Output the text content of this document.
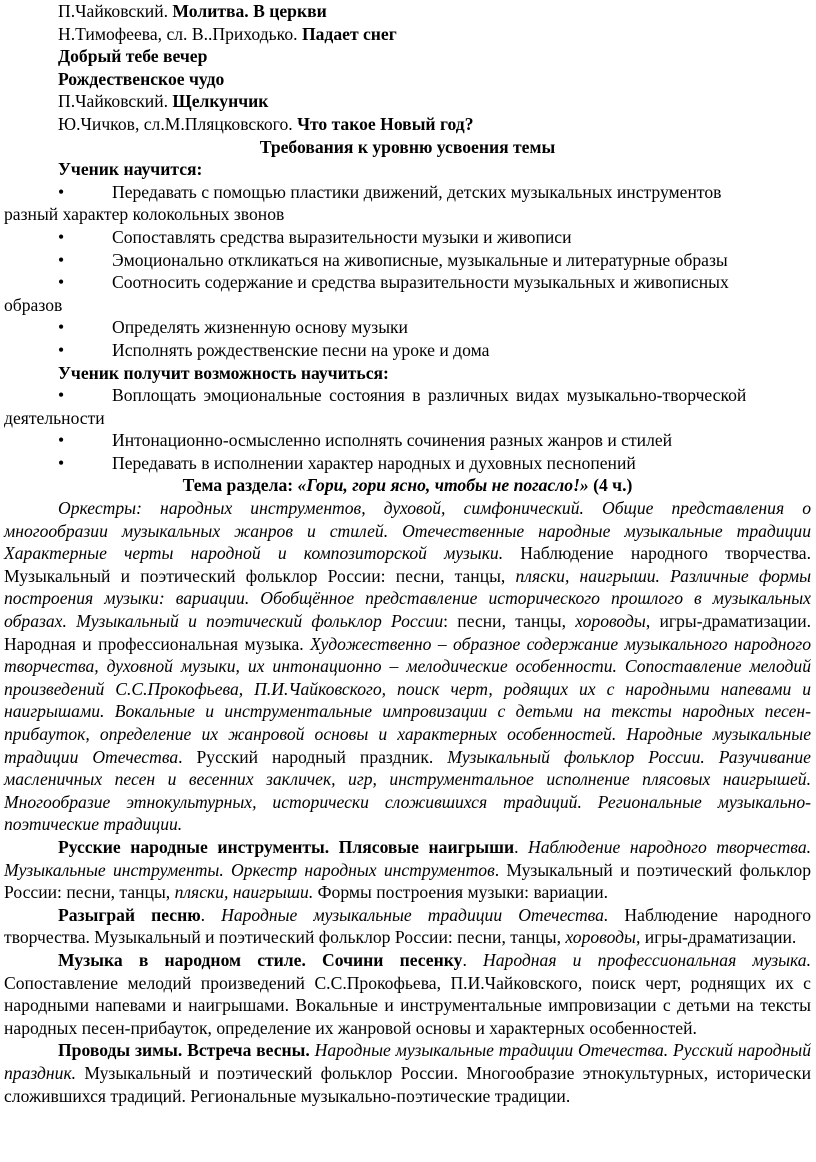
П.Чайковский. Молитва. В церкви

Н.Тимофеева, сл. В..Приходько. Падает снег

Добрый тебе вечер

Рождественское чудо

П.Чайковский. Щелкунчик

Ю.Чичков, сл.М.Пляцковского. Что такое Новый год?

Требования к уровню усвоения темы

Ученик научится:

•	Передавать с помощью пластики движений, детских музыкальных инструментов
разный характер колокольных звонов
•	Сопоставлять средства выразительности музыки и живописи
•	Эмоционально откликаться на живописные, музыкальные и литературные образы
•	Соотносить содержание и средства выразительности музыкальных и живописных
образов
•	Определять жизненную основу музыки
•	Исполнять рождественские песни на уроке и дома

Ученик получит возможность научиться:

•	Воплощать эмоциональные состояния в различных видах музыкально-творческой
деятельности
•	Интонационно-осмысленно исполнять сочинения разных жанров и стилей
•	Передавать в исполнении характер народных и духовных песнопений

Тема раздела: «Гори, гори ясно, чтобы не погасло!» (4 ч.)

Оркестры: народных инструментов, духовой, симфонический. Общие представления о многообразии музыкальных жанров и стилей. Отечественные народные музыкальные традиции Характерные черты народной и композиторской музыки. Наблюдение народного творчества. Музыкальный и поэтический фольклор России: песни, танцы, пляски, наигрыши. Различные формы построения музыки: вариации. Обобщённое представление исторического прошлого в музыкальных образах. Музыкальный и поэтический фольклор России: песни, танцы, хороводы, игры-драматизации. Народная и профессиональная музыка. Художественно – образное содержание музыкального народного творчества, духовной музыки, их интонационно – мелодические особенности. Сопоставление мелодий произведений С.С.Прокофьева, П.И.Чайковского, поиск черт, родящих их с народными напевами и наигрышами. Вокальные и инструментальные импровизации с детьми на тексты народных песен-прибауток, определение их жанровой основы и характерных особенностей. Народные музыкальные традиции Отечества. Русский народный праздник. Музыкальный фольклор России. Разучивание масленичных песен и весенних закличек, игр, инструментальное исполнение плясовых наигрышей. Многообразие этнокультурных, исторически сложившихся традиций. Региональные музыкально-поэтические традиции.

Русские народные инструменты. Плясовые наигрыши. Наблюдение народного творчества. Музыкальные инструменты. Оркестр народных инструментов. Музыкальный и поэтический фольклор России: песни, танцы, пляски, наигрыши. Формы построения музыки: вариации.

Разыграй песню. Народные музыкальные традиции Отечества. Наблюдение народного творчества. Музыкальный и поэтический фольклор России: песни, танцы, хороводы, игры-драматизации.

Музыка в народном стиле. Сочини песенку. Народная и профессиональная музыка. Сопоставление мелодий произведений С.С.Прокофьева, П.И.Чайковского, поиск черт, роднящих их с народными напевами и наигрышами. Вокальные и инструментальные импровизации с детьми на тексты народных песен-прибауток, определение их жанровой основы и характерных особенностей.

Проводы зимы. Встреча весны. Народные музыкальные традиции Отечества. Русский народный праздник. Музыкальный и поэтический фольклор России. Многообразие этнокультурных, исторически сложившихся традиций. Региональные музыкально-поэтические традиции.
